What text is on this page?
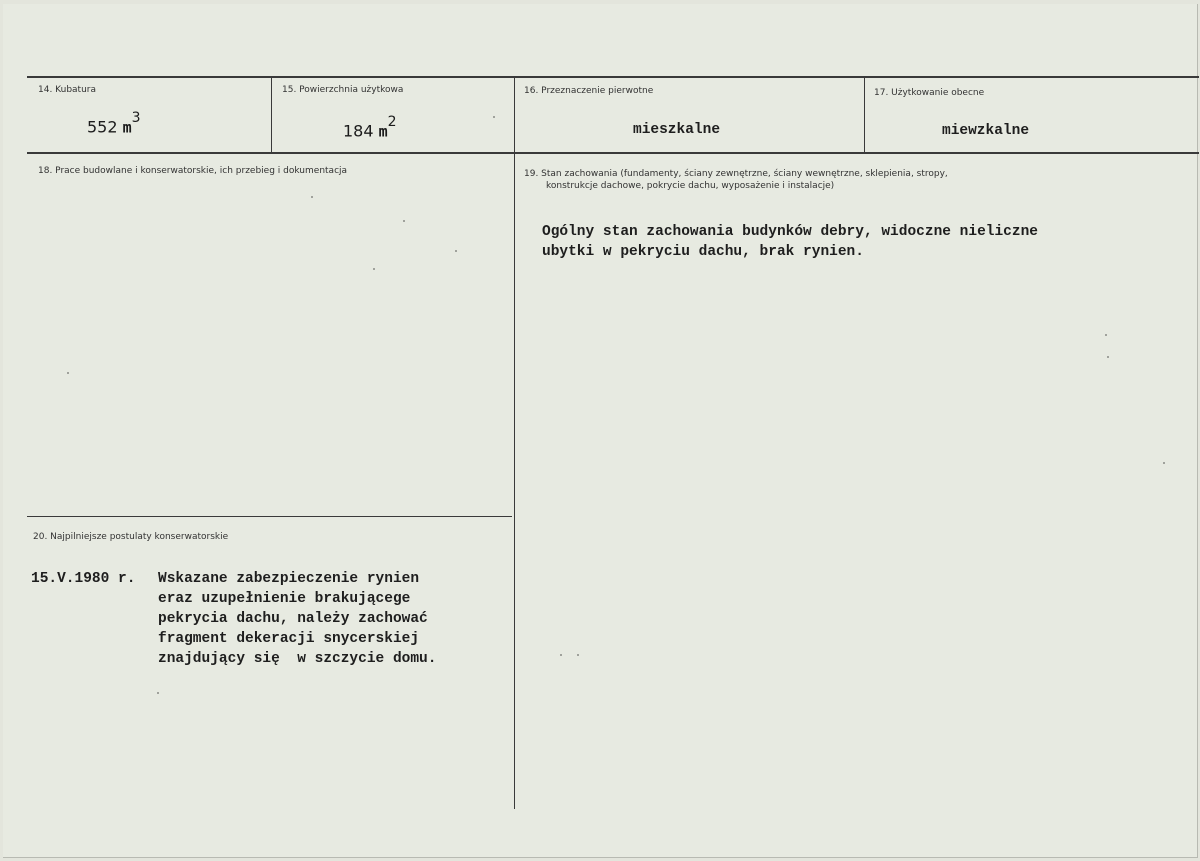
14. Kubatura
552 $m^3$
15. Powierzchnia użytkowa
184 $m^2$
16. Przeznaczenie pierwotne
mieszkalne
17. Użytkowanie obecne
miewzkalne
18. Prace budowlane i konserwatorskie, ich przebieg i dokumentacja	19. Stan zachowania (fundamenty, ściany zewnętrzne, ściany wewnętrzne, sklepienia, stropy,
konstrukcje dachowe, pokrycie dachu, wyposażenie i instalacje)
Ogólny stan zachowania budynków debry, widoczne nieliczne
ubytki w pekryciu dachu, brak rynien.
20. Najpilniejsze postulaty konserwatorskie
15.V.1980 r. Wskazane zabezpieczenie rynien
eraz uzupełnienie brakującege
pekrycia dachu, należy zachować
fragment dekeracji snycerskiej
znajdujący się  w szczycie domu.
